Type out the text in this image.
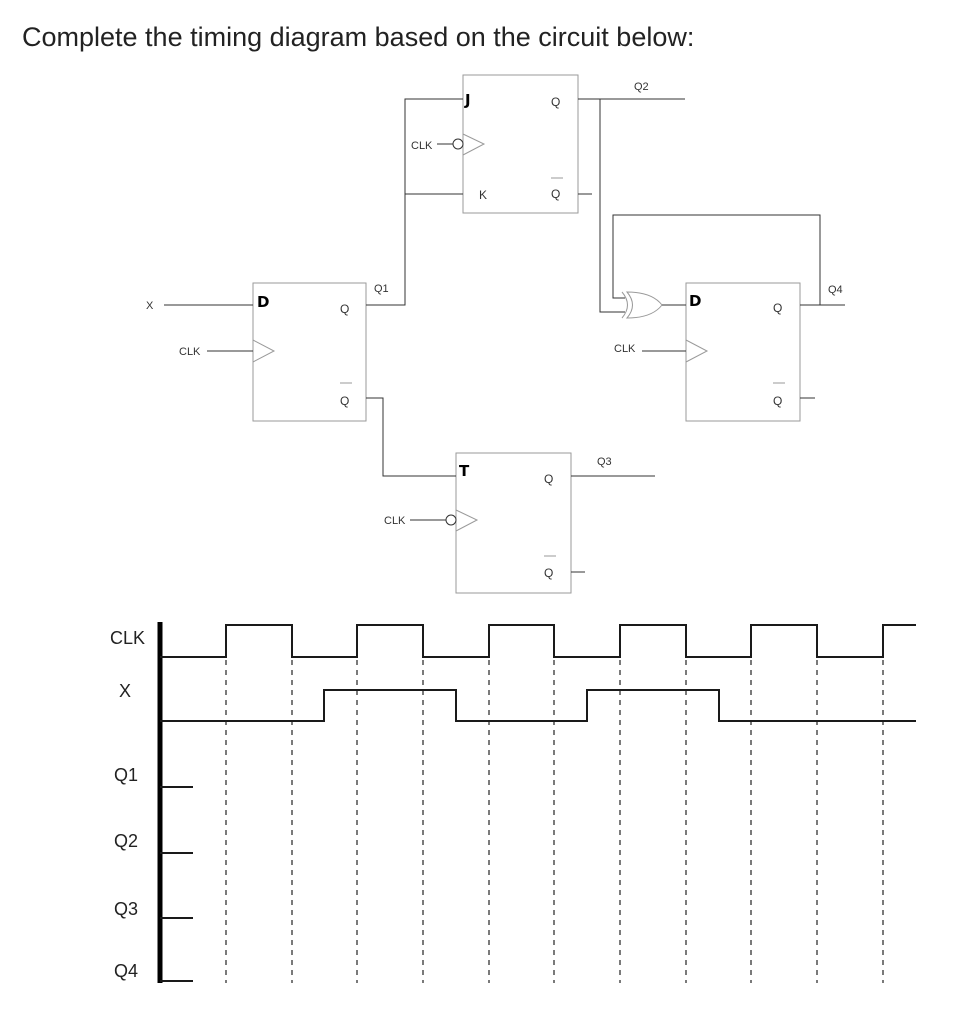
Complete the timing diagram based on the circuit below:
D	Q
Q
J
K
Q
Q
T	Q
Q
D	Q
Q
X
CLK
CLK
CLK
CLK
Q1
Q2
Q3
Q4
CLK
X
Q1
Q2
Q3
Q4
